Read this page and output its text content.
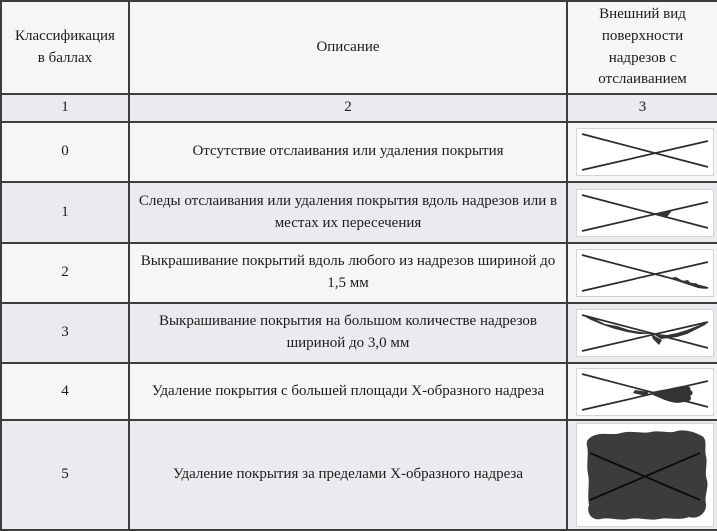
Классификация в баллах	Описание	Внешний вид поверхности надрезов с отслаиванием
1	2	3
0	Отсутствие отслаивания или удаления покрытия	

1	Следы отслаивания или удаления покрытия вдоль надрезов или в местах их пересечения	

2	Выкрашивание покрытий вдоль любого из надрезов шириной до 1,5 мм	

3	Выкрашивание покрытия на большом количестве надрезов шириной до 3,0 мм	

4	Удаление покрытия с большей площади Х-образного надреза	

5	Удаление покрытия за пределами Х-образного надреза	
